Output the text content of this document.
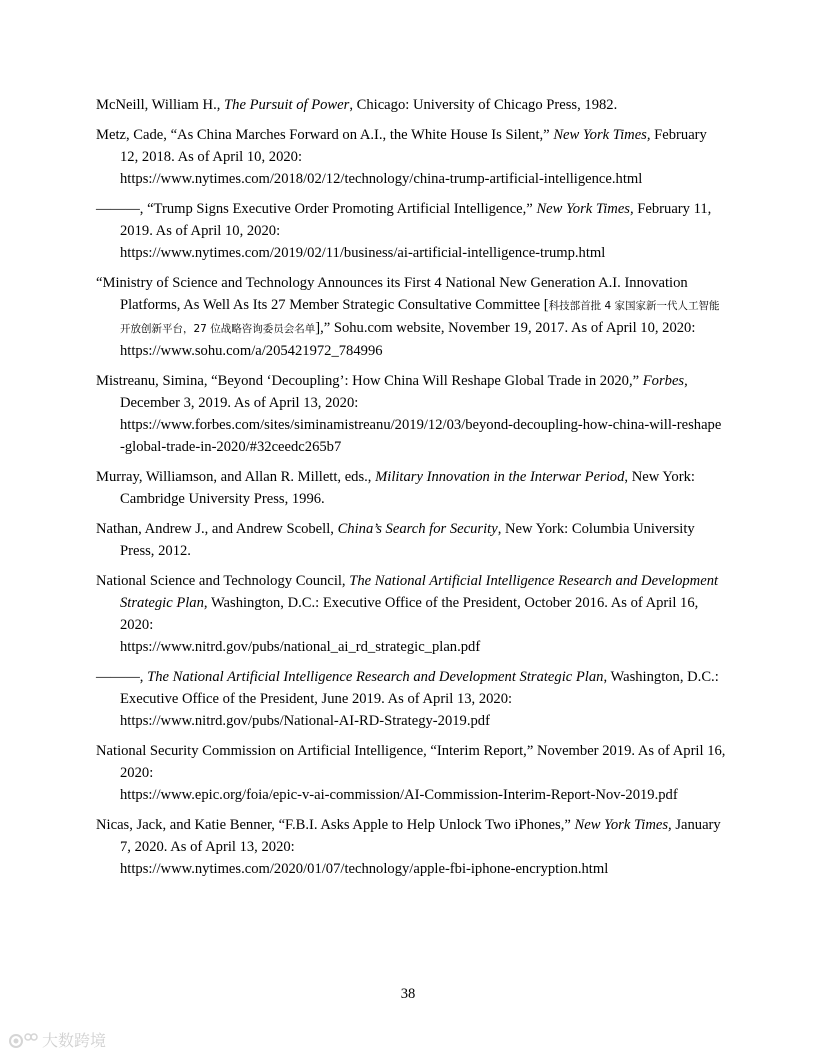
McNeill, William H., The Pursuit of Power, Chicago: University of Chicago Press, 1982.
Metz, Cade, “As China Marches Forward on A.I., the White House Is Silent,” New York Times, February 12, 2018. As of April 10, 2020:
https://www.nytimes.com/2018/02/12/technology/china-trump-artificial-intelligence.html
———, “Trump Signs Executive Order Promoting Artificial Intelligence,” New York Times, February 11, 2019. As of April 10, 2020:
https://www.nytimes.com/2019/02/11/business/ai-artificial-intelligence-trump.html
“Ministry of Science and Technology Announces its First 4 National New Generation A.I. Innovation Platforms, As Well As Its 27 Member Strategic Consultative Committee [科技部首批 4 家国家新一代人工智能开放创新平台，27 位战略咨询委员会名单],” Sohu.com website, November 19, 2017. As of April 10, 2020:
https://www.sohu.com/a/205421972_784996
Mistreanu, Simina, “Beyond ‘Decoupling’: How China Will Reshape Global Trade in 2020,” Forbes, December 3, 2019. As of April 13, 2020:
https://www.forbes.com/sites/siminamistreanu/2019/12/03/beyond-decoupling-how-china-will-reshape-global-trade-in-2020/#32ceedc265b7
Murray, Williamson, and Allan R. Millett, eds., Military Innovation in the Interwar Period, New York: Cambridge University Press, 1996.
Nathan, Andrew J., and Andrew Scobell, China’s Search for Security, New York: Columbia University Press, 2012.
National Science and Technology Council, The National Artificial Intelligence Research and Development Strategic Plan, Washington, D.C.: Executive Office of the President, October 2016. As of April 16, 2020:
https://www.nitrd.gov/pubs/national_ai_rd_strategic_plan.pdf
———, The National Artificial Intelligence Research and Development Strategic Plan, Washington, D.C.: Executive Office of the President, June 2019. As of April 13, 2020:
https://www.nitrd.gov/pubs/National-AI-RD-Strategy-2019.pdf
National Security Commission on Artificial Intelligence, “Interim Report,” November 2019. As of April 16, 2020:
https://www.epic.org/foia/epic-v-ai-commission/AI-Commission-Interim-Report-Nov-2019.pdf
Nicas, Jack, and Katie Benner, “F.B.I. Asks Apple to Help Unlock Two iPhones,” New York Times, January 7, 2020. As of April 13, 2020:
https://www.nytimes.com/2020/01/07/technology/apple-fbi-iphone-encryption.html
38
大数跨境
